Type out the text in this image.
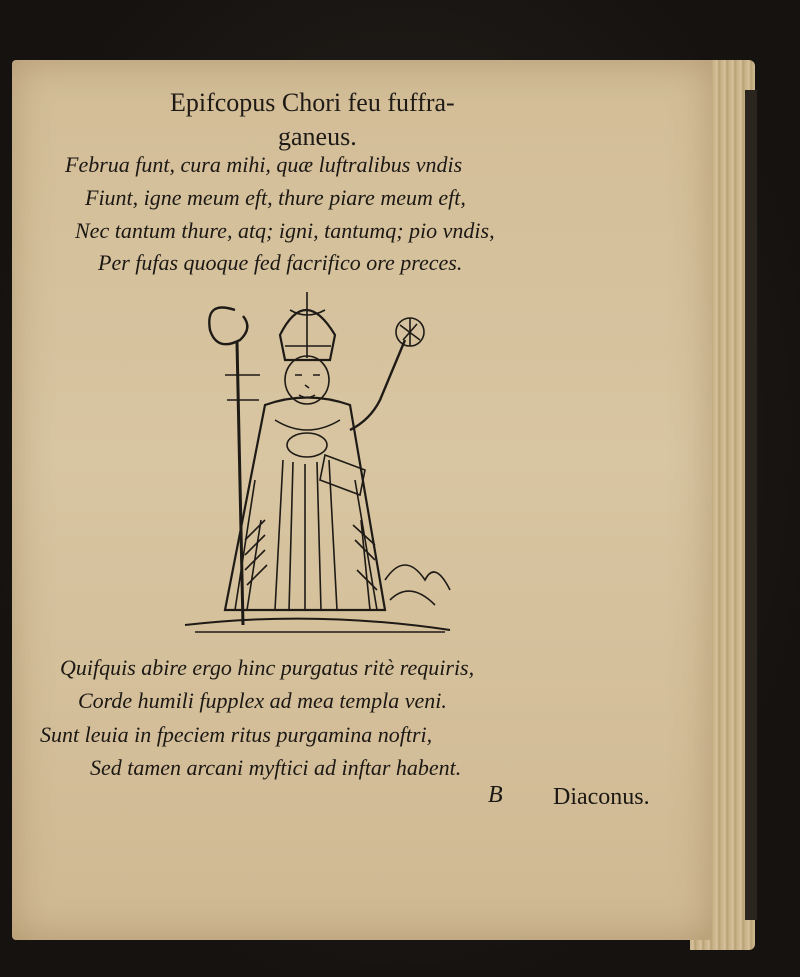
Epifcopus Chori feu fuffra-
ganeus.
Februa funt, cura mihi, quæ luftralibus vndis
Fiunt, igne meum eft, thure piare meum eft,
Nec tantum thure, atq; igni, tantumq; pio vndis,
Per fufas quoque fed facrifico ore preces.
Quifquis abire ergo hinc purgatus ritè requiris,
Corde humili fupplex ad mea templa veni.
Sunt leuia in fpeciem ritus purgamina noftri,
Sed tamen arcani myftici ad inftar habent.
B Diaconus.
